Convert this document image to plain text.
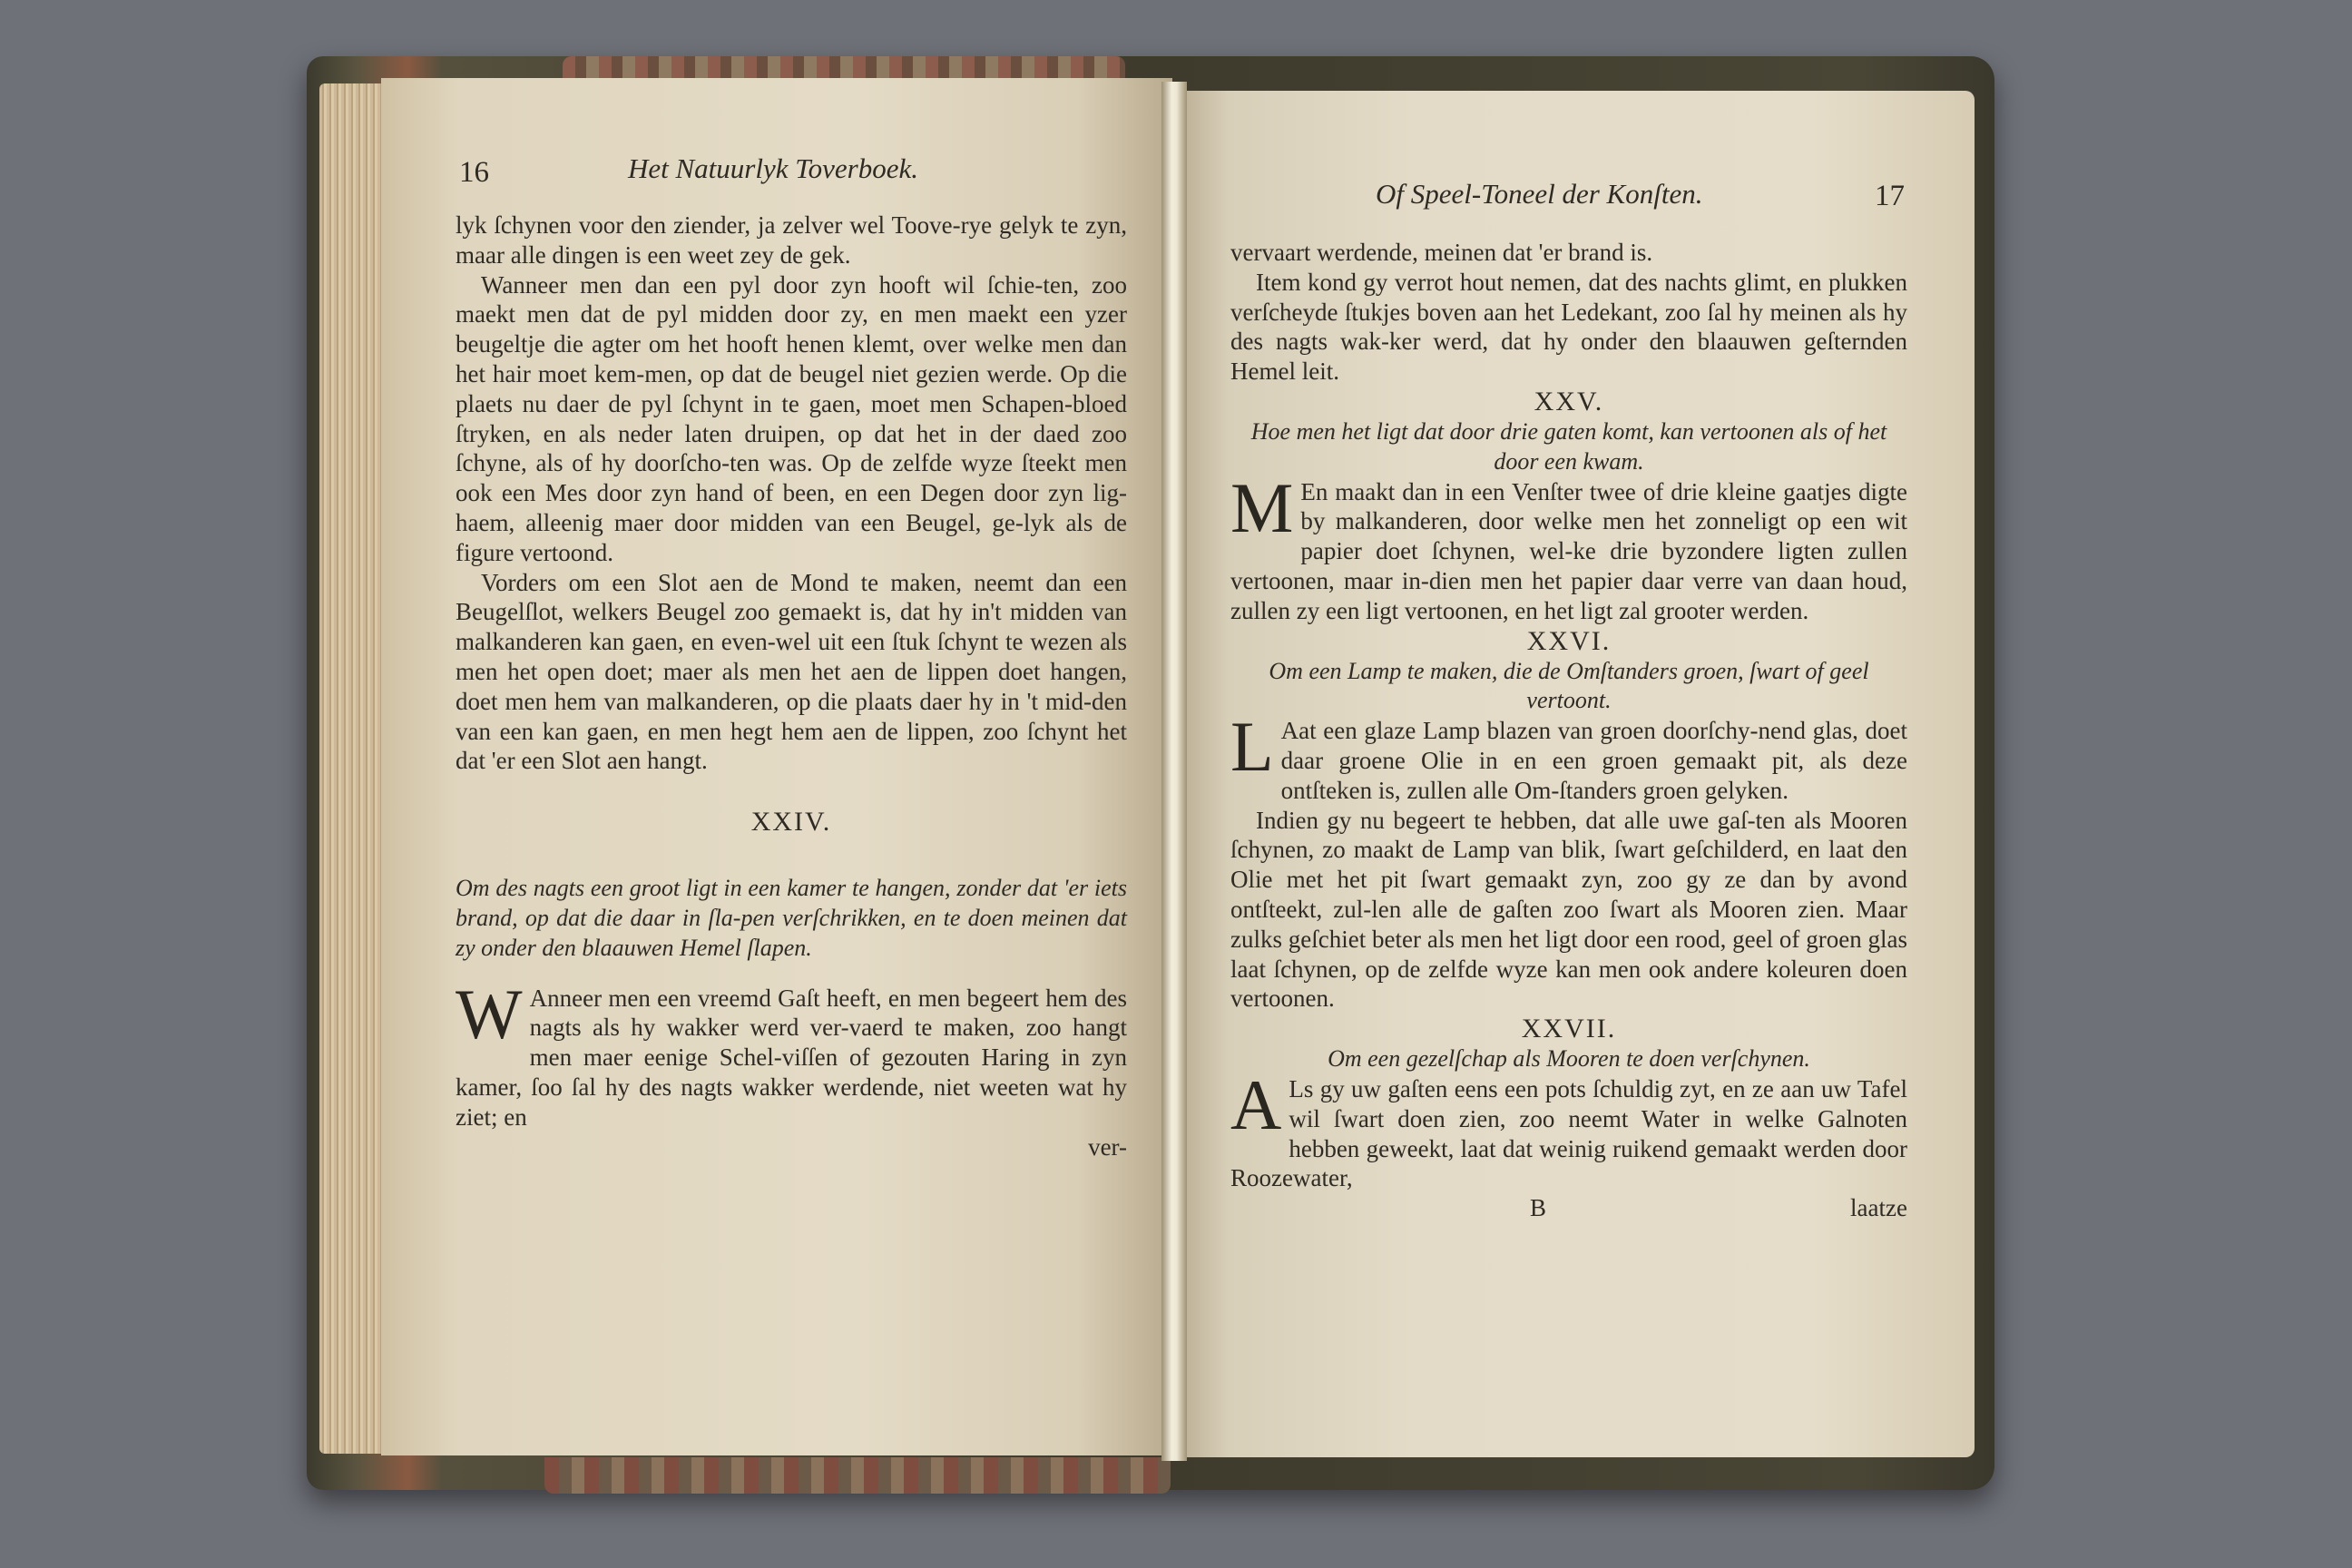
16	Het Natuurlyk Toverboek.

lyk ſchynen voor den ziender, ja zelver wel Toove-rye gelyk te zyn, maar alle dingen is een weet zey de gek.

Wanneer men dan een pyl door zyn hooft wil ſchie-ten, zoo maekt men dat de pyl midden door zy, en men maekt een yzer beugeltje die agter om het hooft henen klemt, over welke men dan het hair moet kem-men, op dat de beugel niet gezien werde. Op die plaets nu daer de pyl ſchynt in te gaen, moet men Schapen-bloed ſtryken, en als neder laten druipen, op dat het in der daed zoo ſchyne, als of hy doorſcho-ten was. Op de zelfde wyze ſteekt men ook een Mes door zyn hand of been, en een Degen door zyn lig-haem, alleenig maer door midden van een Beugel, ge-lyk als de figure vertoond.

Vorders om een Slot aen de Mond te maken, neemt dan een Beugelſlot, welkers Beugel zoo gemaekt is, dat hy in't midden van malkanderen kan gaen, en even-wel uit een ſtuk ſchynt te wezen als men het open doet; maer als men het aen de lippen doet hangen, doet men hem van malkanderen, op die plaats daer hy in 't mid-den van een kan gaen, en men hegt hem aen de lippen, zoo ſchynt het dat 'er een Slot aen hangt.

XXIV.

Om des nagts een groot ligt in een kamer te hangen, zonder dat 'er iets brand, op dat die daar in ſla-pen verſchrikken, en te doen meinen dat zy onder den blaauwen Hemel ſlapen.

W Anneer men een vreemd Gaſt heeft, en men begeert hem des nagts als hy wakker werd ver-vaerd te maken, zoo hangt men maer eenige Schel-viſſen of gezouten Haring in zyn kamer, ſoo ſal hy des nagts wakker werdende, niet weeten wat hy ziet; en

ver-

Of Speel-Toneel der Konſten.	17

vervaart werdende, meinen dat 'er brand is.

Item kond gy verrot hout nemen, dat des nachts glimt, en plukken verſcheyde ſtukjes boven aan het Ledekant, zoo ſal hy meinen als hy des nagts wak-ker werd, dat hy onder den blaauwen geſternden Hemel leit.

XXV.

Hoe men het ligt dat door drie gaten komt, kan vertoonen als of het door een kwam.

M En maakt dan in een Venſter twee of drie kleine gaatjes digte by malkanderen, door welke men het zonneligt op een wit papier doet ſchynen, wel-ke drie byzondere ligten zullen vertoonen, maar in-dien men het papier daar verre van daan houd, zullen zy een ligt vertoonen, en het ligt zal grooter werden.

XXVI.

Om een Lamp te maken, die de Omſtanders groen, ſwart of geel vertoont.

L Aat een glaze Lamp blazen van groen doorſchy-nend glas, doet daar groene Olie in en een groen gemaakt pit, als deze ontſteken is, zullen alle Om-ſtanders groen gelyken.

Indien gy nu begeert te hebben, dat alle uwe gaſ-ten als Mooren ſchynen, zo maakt de Lamp van blik, ſwart geſchilderd, en laat den Olie met het pit ſwart gemaakt zyn, zoo gy ze dan by avond ontſteekt, zul-len alle de gaſten zoo ſwart als Mooren zien. Maar zulks geſchiet beter als men het ligt door een rood, geel of groen glas laat ſchynen, op de zelfde wyze kan men ook andere koleuren doen vertoonen.

XXVII.

Om een gezelſchap als Mooren te doen verſchynen.

A Ls gy uw gaſten eens een pots ſchuldig zyt, en ze aan uw Tafel wil ſwart doen zien, zoo neemt Water in welke Galnoten hebben geweekt, laat dat weinig ruikend gemaakt werden door Roozewater,

B	laatze
